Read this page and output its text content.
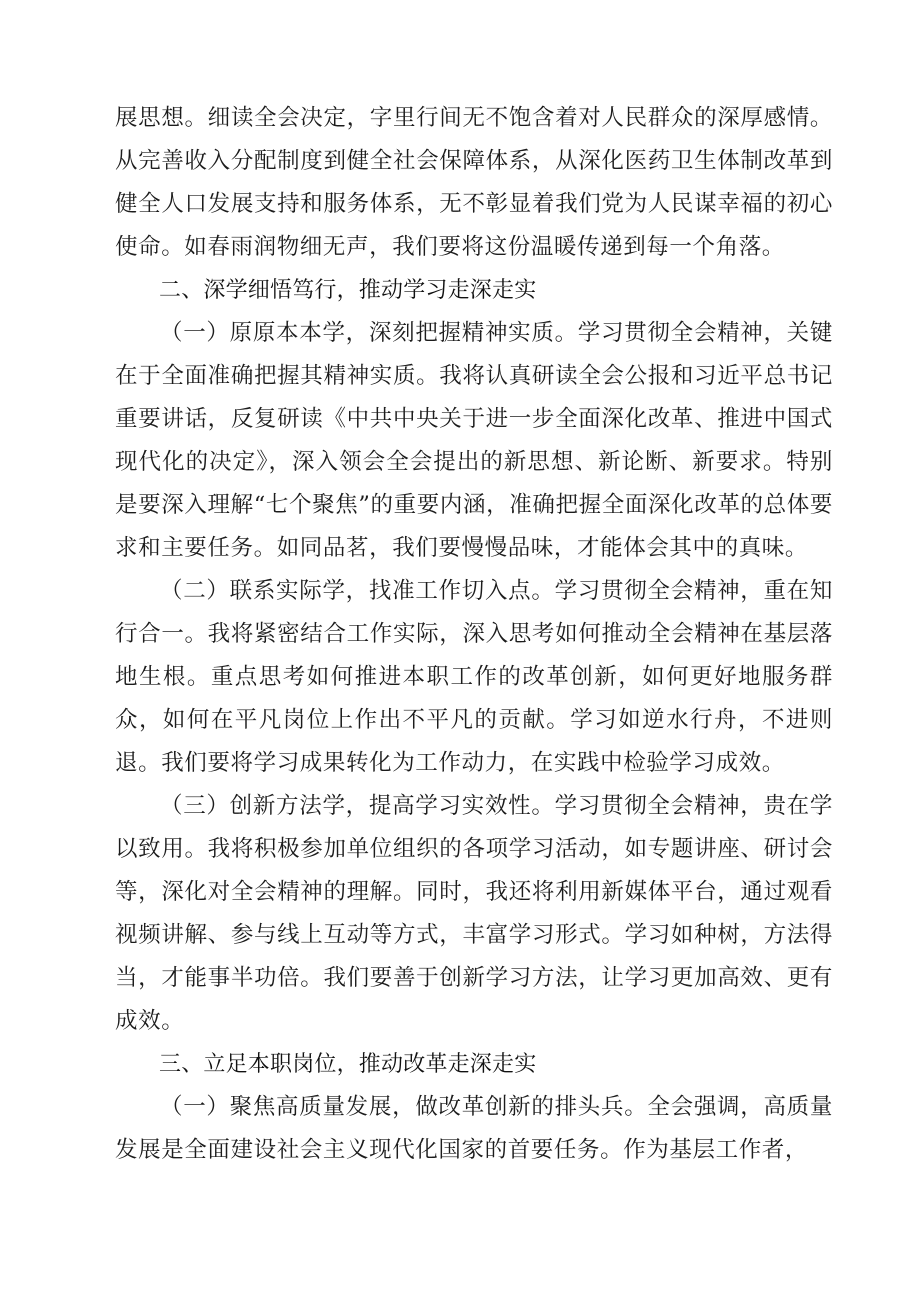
展思想。细读全会决定，字里行间无不饱含着对人民群众的深厚感情。从完善收入分配制度到健全社会保障体系，从深化医药卫生体制改革到健全人口发展支持和服务体系，无不彰显着我们党为人民谋幸福的初心使命。如春雨润物细无声，我们要将这份温暖传递到每一个角落。

二、深学细悟笃行，推动学习走深走实

（一）原原本本学，深刻把握精神实质。学习贯彻全会精神，关键在于全面准确把握其精神实质。我将认真研读全会公报和习近平总书记重要讲话，反复研读《中共中央关于进一步全面深化改革、推进中国式现代化的决定》，深入领会全会提出的新思想、新论断、新要求。特别是要深入理解“七个聚焦”的重要内涵，准确把握全面深化改革的总体要求和主要任务。如同品茗，我们要慢慢品味，才能体会其中的真味。

（二）联系实际学，找准工作切入点。学习贯彻全会精神，重在知行合一。我将紧密结合工作实际，深入思考如何推动全会精神在基层落地生根。重点思考如何推进本职工作的改革创新，如何更好地服务群众，如何在平凡岗位上作出不平凡的贡献。学习如逆水行舟，不进则退。我们要将学习成果转化为工作动力，在实践中检验学习成效。

（三）创新方法学，提高学习实效性。学习贯彻全会精神，贵在学以致用。我将积极参加单位组织的各项学习活动，如专题讲座、研讨会等，深化对全会精神的理解。同时，我还将利用新媒体平台，通过观看视频讲解、参与线上互动等方式，丰富学习形式。学习如种树，方法得当，才能事半功倍。我们要善于创新学习方法，让学习更加高效、更有成效。

三、立足本职岗位，推动改革走深走实

（一）聚焦高质量发展，做改革创新的排头兵。全会强调，高质量发展是全面建设社会主义现代化国家的首要任务。作为基层工作者，
